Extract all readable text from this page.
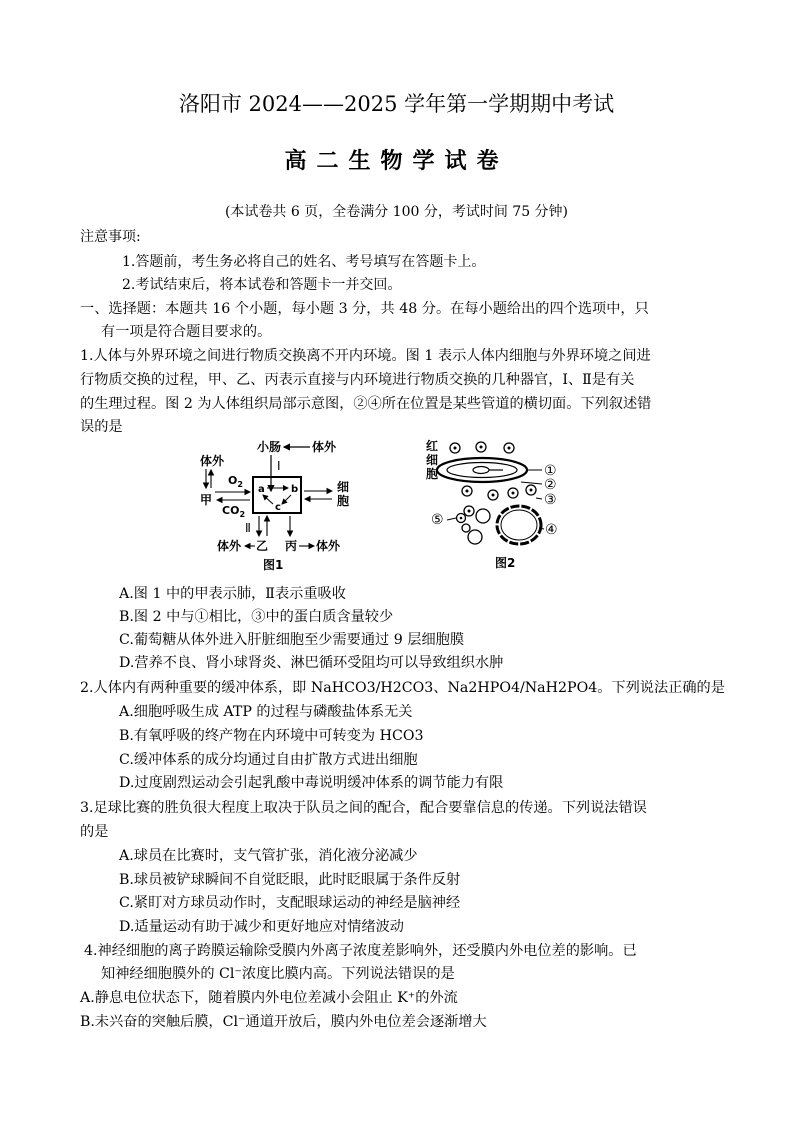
洛阳市 2024——2025 学年第一学期期中考试
高二生物学试卷
(本试卷共 6 页，全卷满分 100 分，考试时间 75 分钟)
注意事项:
1.答题前，考生务必将自己的姓名、考号填写在答题卡上。
2.考试结束后，将本试卷和答题卡一并交回。
一、选择题：本题共 16 个小题，每小题 3 分，共 48 分。在每小题给出的四个选项中，只
有一项是符合题目要求的。
1.人体与外界环境之间进行物质交换离不开内环境。图 1 表示人体内细胞与外界环境之间进
行物质交换的过程，甲、乙、丙表示直接与内环境进行物质交换的几种器官，Ⅰ、Ⅱ是有关
的生理过程。图 2 为人体组织局部示意图，②④所在位置是某些管道的横切面。下列叙述错
误的是
小肠	体外
Ⅰ
体外
$O_2$
甲
$CO_2$
a	b
c
细胞
Ⅱ
体外 乙 丙 体外
图1
红细胞	①
②
③
④
⑤
图2
A.图 1 中的甲表示肺，Ⅱ表示重吸收
B.图 2 中与①相比，③中的蛋白质含量较少
C.葡萄糖从体外进入肝脏细胞至少需要通过 9 层细胞膜
D.营养不良、肾小球肾炎、淋巴循环受阻均可以导致组织水肿
2.人体内有两种重要的缓冲体系，即 NaHCO3/H2CO3、Na2HPO4/NaH2PO4。下列说法正确的是
A.细胞呼吸生成 ATP 的过程与磷酸盐体系无关
B.有氧呼吸的终产物在内环境中可转变为 HCO3
C.缓冲体系的成分均通过自由扩散方式进出细胞
D.过度剧烈运动会引起乳酸中毒说明缓冲体系的调节能力有限
3.足球比赛的胜负很大程度上取决于队员之间的配合，配合要靠信息的传递。下列说法错误
的是
A.球员在比赛时，支气管扩张，消化液分泌减少
B.球员被铲球瞬间不自觉眨眼，此时眨眼属于条件反射
C.紧盯对方球员动作时，支配眼球运动的神经是脑神经
D.适量运动有助于减少和更好地应对情绪波动
4.神经细胞的离子跨膜运输除受膜内外离子浓度差影响外，还受膜内外电位差的影响。已
知神经细胞膜外的 Cl⁻浓度比膜内高。下列说法错误的是
A.静息电位状态下，随着膜内外电位差减小会阻止 K⁺的外流
B.未兴奋的突触后膜，Cl⁻通道开放后，膜内外电位差会逐渐增大
